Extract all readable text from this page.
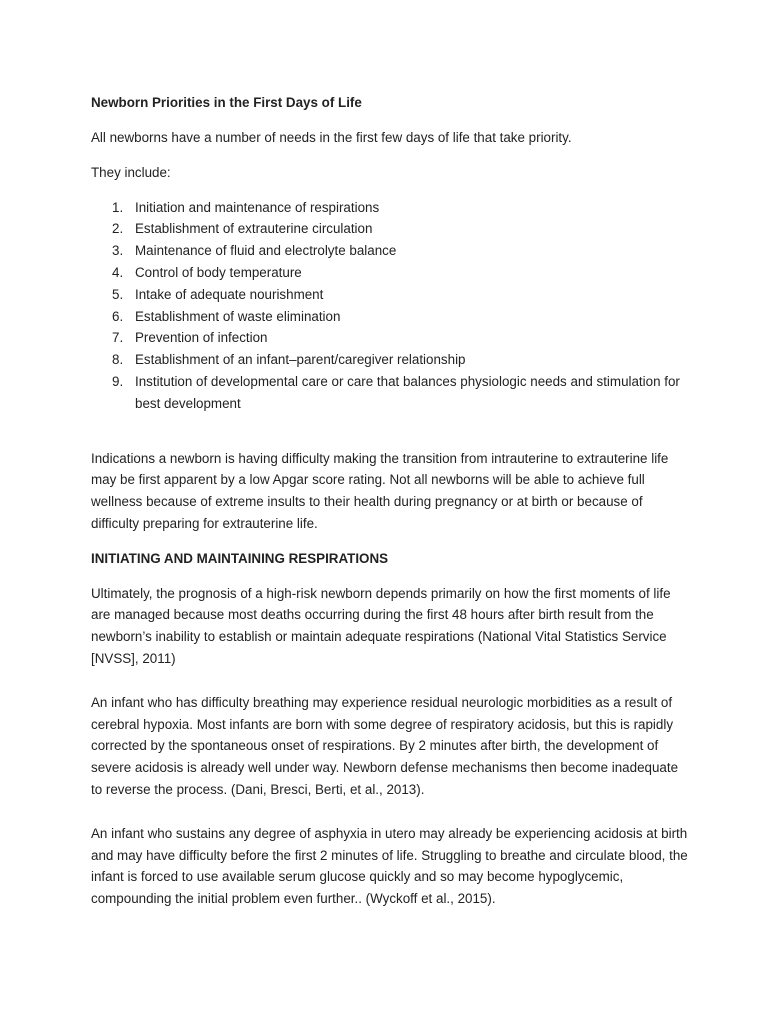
Newborn Priorities in the First Days of Life

All newborns have a number of needs in the first few days of life that take priority.

They include:

1. Initiation and maintenance of respirations
2. Establishment of extrauterine circulation
3. Maintenance of fluid and electrolyte balance
4. Control of body temperature
5. Intake of adequate nourishment
6. Establishment of waste elimination
7. Prevention of infection
8. Establishment of an infant–parent/caregiver relationship
9. Institution of developmental care or care that balances physiologic needs and stimulation for best development

Indications a newborn is having difficulty making the transition from intrauterine to extrauterine life may be first apparent by a low Apgar score rating. Not all newborns will be able to achieve full wellness because of extreme insults to their health during pregnancy or at birth or because of difficulty preparing for extrauterine life.

INITIATING AND MAINTAINING RESPIRATIONS

Ultimately, the prognosis of a high-risk newborn depends primarily on how the first moments of life are managed because most deaths occurring during the first 48 hours after birth result from the newborn’s inability to establish or maintain adequate respirations (National Vital Statistics Service [NVSS], 2011)

An infant who has difficulty breathing may experience residual neurologic morbidities as a result of cerebral hypoxia. Most infants are born with some degree of respiratory acidosis, but this is rapidly corrected by the spontaneous onset of respirations. By 2 minutes after birth, the development of severe acidosis is already well under way. Newborn defense mechanisms then become inadequate to reverse the process. (Dani, Bresci, Berti, et al., 2013).

An infant who sustains any degree of asphyxia in utero may already be experiencing acidosis at birth and may have difficulty before the first 2 minutes of life. Struggling to breathe and circulate blood, the infant is forced to use available serum glucose quickly and so may become hypoglycemic, compounding the initial problem even further.. (Wyckoff et al., 2015).
